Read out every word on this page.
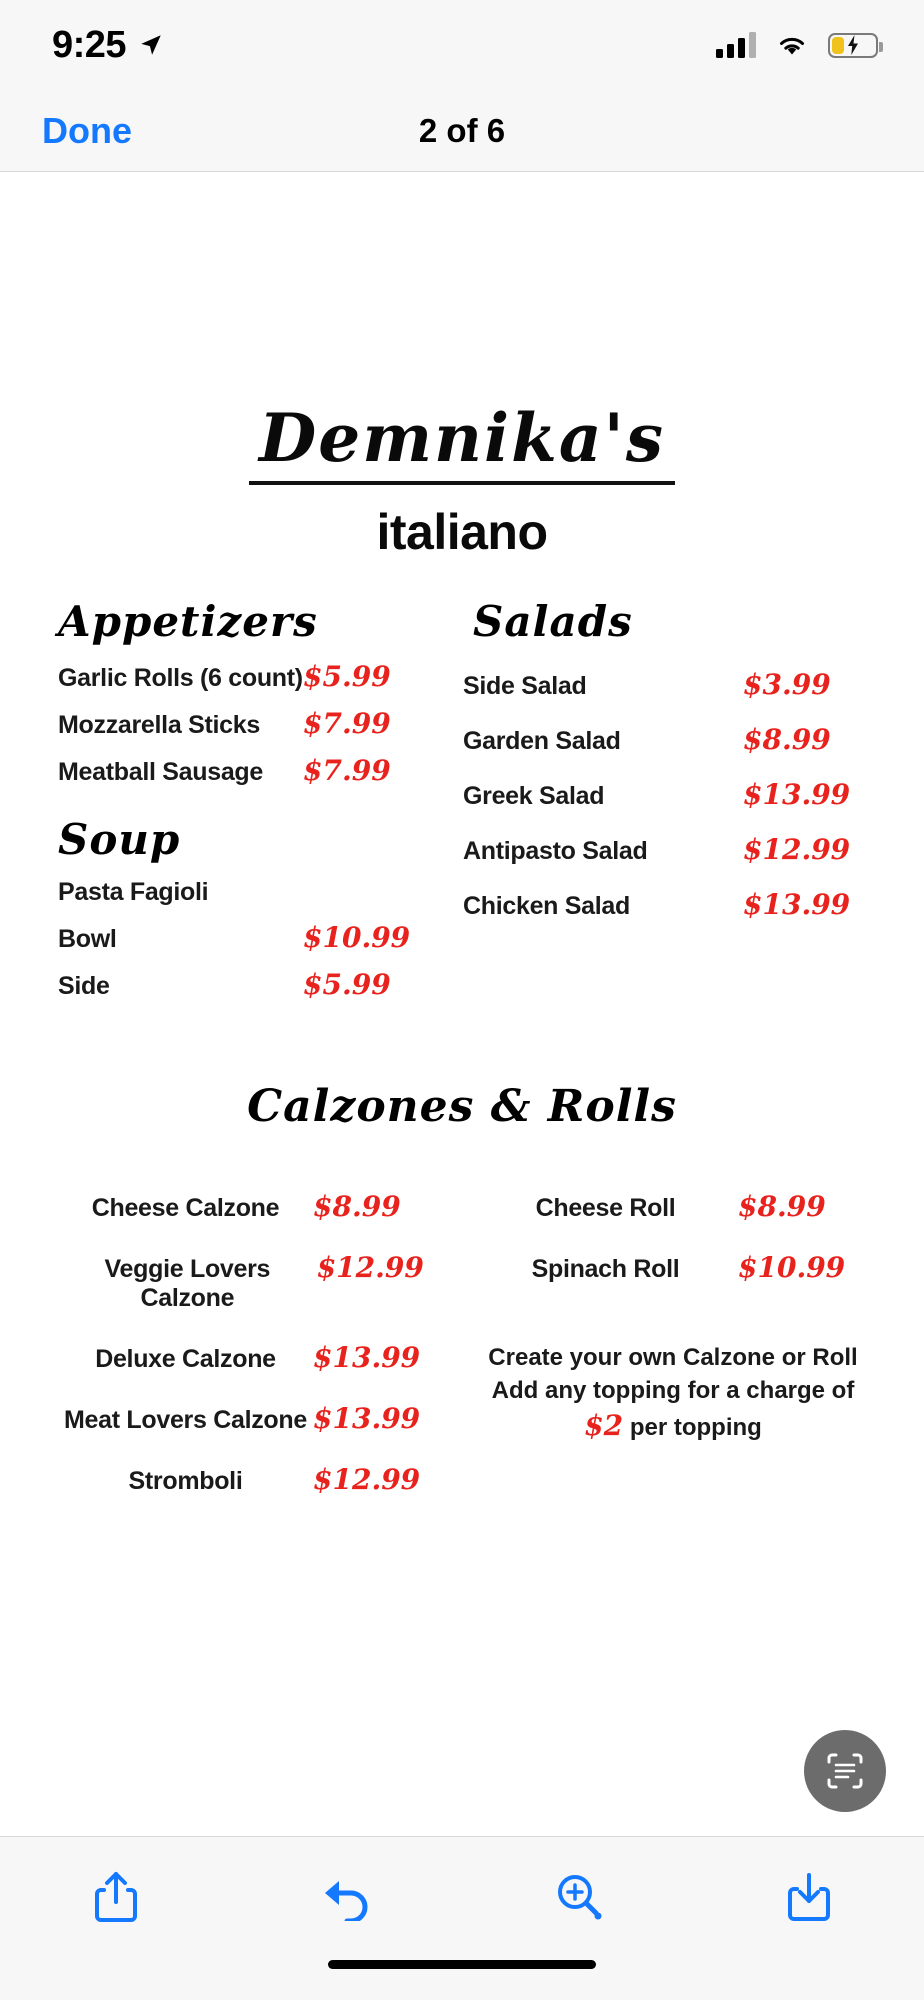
9:25
Done	2 of 6
Demnika's
italiano
Appetizers
Garlic Rolls (6 count) $5.99
Mozzarella Sticks	$7.99
Meatball Sausage	$7.99
Soup
Pasta Fagioli
Bowl	$10.99
Side	$5.99
Salads
Side Salad	$3.99
Garden Salad	$8.99
Greek Salad	$13.99
Antipasto Salad	$12.99
Chicken Salad	$13.99
Calzones & Rolls
Cheese Calzone	$8.99
Veggie Lovers Calzone
$12.99
Deluxe Calzone	$13.99
Meat Lovers Calzone $13.99
Stromboli	$12.99
Cheese Roll	$8.99
Spinach Roll	$10.99
Create your own Calzone or Roll
Add any topping for a charge of
$2 per topping
